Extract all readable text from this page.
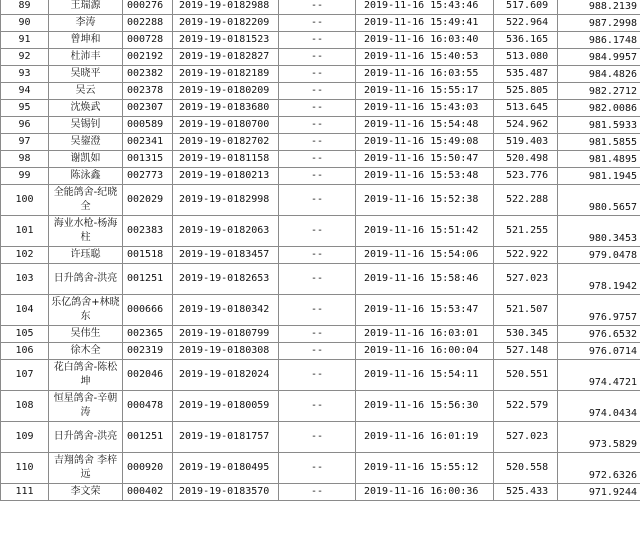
89	王瑞源	000276	2019-19-0182988	--	2019-11-16 15:43:46	517.609	988.2139
90	李涛	002288	2019-19-0182209	--	2019-11-16 15:49:41	522.964	987.2998
91	曾坤和	000728	2019-19-0181523	--	2019-11-16 16:03:40	536.165	986.1748
92	杜沛丰	002192	2019-19-0182827	--	2019-11-16 15:40:53	513.080	984.9957
93	吴晓平	002382	2019-19-0182189	--	2019-11-16 16:03:55	535.487	984.4826
94	吴云	002378	2019-19-0180209	--	2019-11-16 15:55:17	525.805	982.2712
95	沈焕武	002307	2019-19-0183680	--	2019-11-16 15:43:03	513.645	982.0086
96	吴锡钊	000589	2019-19-0180700	--	2019-11-16 15:54:48	524.962	981.5933
97	吴鋆澄	002341	2019-19-0182702	--	2019-11-16 15:49:08	519.403	981.5855
98	谢凯如	001315	2019-19-0181158	--	2019-11-16 15:50:47	520.498	981.4895
99	陈泳鑫	002773	2019-19-0180213	--	2019-11-16 15:53:48	523.776	981.1945
100	全能鸽舍-纪晓全	002029	2019-19-0182998	--	2019-11-16 15:52:38	522.288	980.5657
101	海业水枪-杨海柱	002383	2019-19-0182063	--	2019-11-16 15:51:42	521.255	980.3453
102	许珏聪	001518	2019-19-0183457	--	2019-11-16 15:54:06	522.922	979.0478
103	日升鸽舍-洪亮	001251	2019-19-0182653	--	2019-11-16 15:58:46	527.023	978.1942
104	乐亿鸽舍+林晓东	000666	2019-19-0180342	--	2019-11-16 15:53:47	521.507	976.9757
105	吴伟生	002365	2019-19-0180799	--	2019-11-16 16:03:01	530.345	976.6532
106	徐木全	002319	2019-19-0180308	--	2019-11-16 16:00:04	527.148	976.0714
107	花白鸽舍-陈松坤	002046	2019-19-0182024	--	2019-11-16 15:54:11	520.551	974.4721
108	恒星鸽舍-辛朝涛	000478	2019-19-0180059	--	2019-11-16 15:56:30	522.579	974.0434
109	日升鸽舍-洪亮	001251	2019-19-0181757	--	2019-11-16 16:01:19	527.023	973.5829
110	吉翔鸽舍 李梓远	000920	2019-19-0180495	--	2019-11-16 15:55:12	520.558	972.6326
111	李文荣	000402	2019-19-0183570	--	2019-11-16 16:00:36	525.433	971.9244
